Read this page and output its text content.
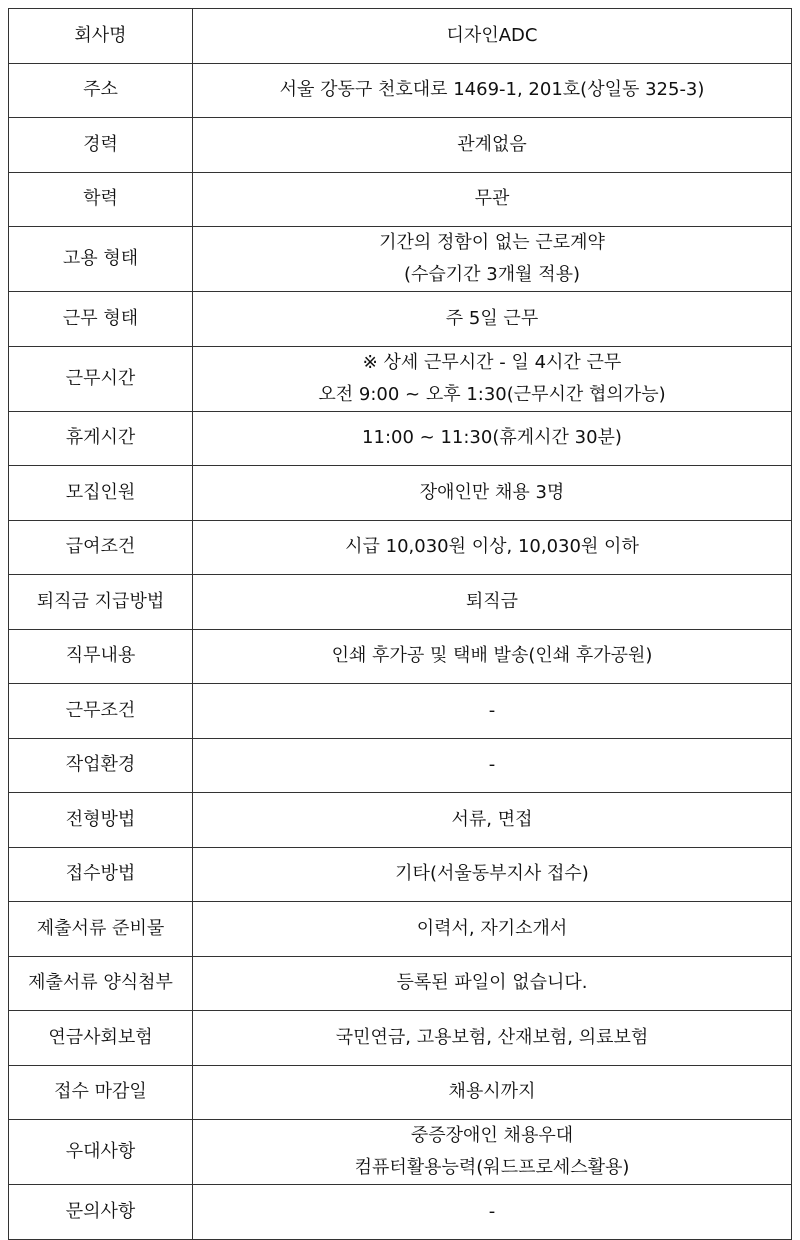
회사명	디자인ADC

주소	서울 강동구 천호대로 1469-1, 201호(상일동 325-3)

경력	관계없음

학력	무관

고용 형태	기간의 정함이 없는 근로계약
(수습기간 3개월 적용)

근무 형태	주 5일 근무

근무시간	※ 상세 근무시간 - 일 4시간 근무
오전 9:00 ~ 오후 1:30(근무시간 협의가능)

휴게시간	11:00 ~ 11:30(휴게시간 30분)

모집인원	장애인만 채용 3명

급여조건	시급 10,030원 이상, 10,030원 이하

퇴직금 지급방법	퇴직금

직무내용	인쇄 후가공 및 택배 발송(인쇄 후가공원)

근무조건	-

작업환경	-

전형방법	서류, 면접

접수방법	기타(서울동부지사 접수)

제출서류 준비물	이력서, 자기소개서

제출서류 양식첨부	등록된 파일이 없습니다.

연금사회보험	국민연금, 고용보험, 산재보험, 의료보험

접수 마감일	채용시까지

우대사항	중증장애인 채용우대
컴퓨터활용능력(워드프로세스활용)

문의사항	-
